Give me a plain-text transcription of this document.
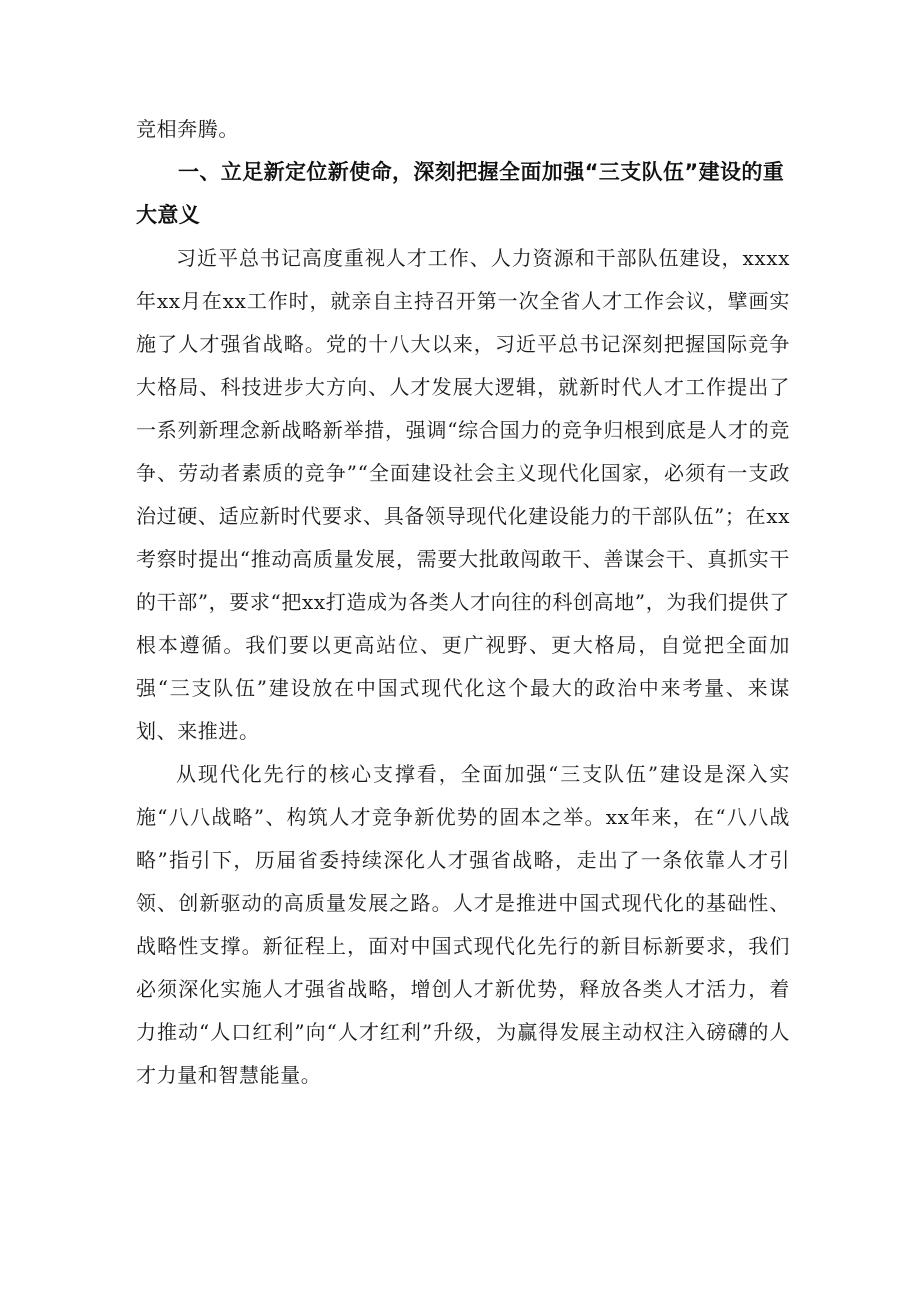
竞相奔腾。

一、立足新定位新使命，深刻把握全面加强“三支队伍”建设的重大意义

习近平总书记高度重视人才工作、人力资源和干部队伍建设，xxxx年xx月在xx工作时，就亲自主持召开第一次全省人才工作会议，擘画实施了人才强省战略。党的十八大以来，习近平总书记深刻把握国际竞争大格局、科技进步大方向、人才发展大逻辑，就新时代人才工作提出了一系列新理念新战略新举措，强调“综合国力的竞争归根到底是人才的竞争、劳动者素质的竞争”“全面建设社会主义现代化国家，必须有一支政治过硬、适应新时代要求、具备领导现代化建设能力的干部队伍”；在xx考察时提出“推动高质量发展，需要大批敢闯敢干、善谋会干、真抓实干的干部”，要求“把xx打造成为各类人才向往的科创高地”，为我们提供了根本遵循。我们要以更高站位、更广视野、更大格局，自觉把全面加强“三支队伍”建设放在中国式现代化这个最大的政治中来考量、来谋划、来推进。

从现代化先行的核心支撑看，全面加强“三支队伍”建设是深入实施“八八战略”、构筑人才竞争新优势的固本之举。xx年来，在“八八战略”指引下，历届省委持续深化人才强省战略，走出了一条依靠人才引领、创新驱动的高质量发展之路。人才是推进中国式现代化的基础性、战略性支撑。新征程上，面对中国式现代化先行的新目标新要求，我们必须深化实施人才强省战略，增创人才新优势，释放各类人才活力，着力推动“人口红利”向“人才红利”升级，为赢得发展主动权注入磅礴的人才力量和智慧能量。
